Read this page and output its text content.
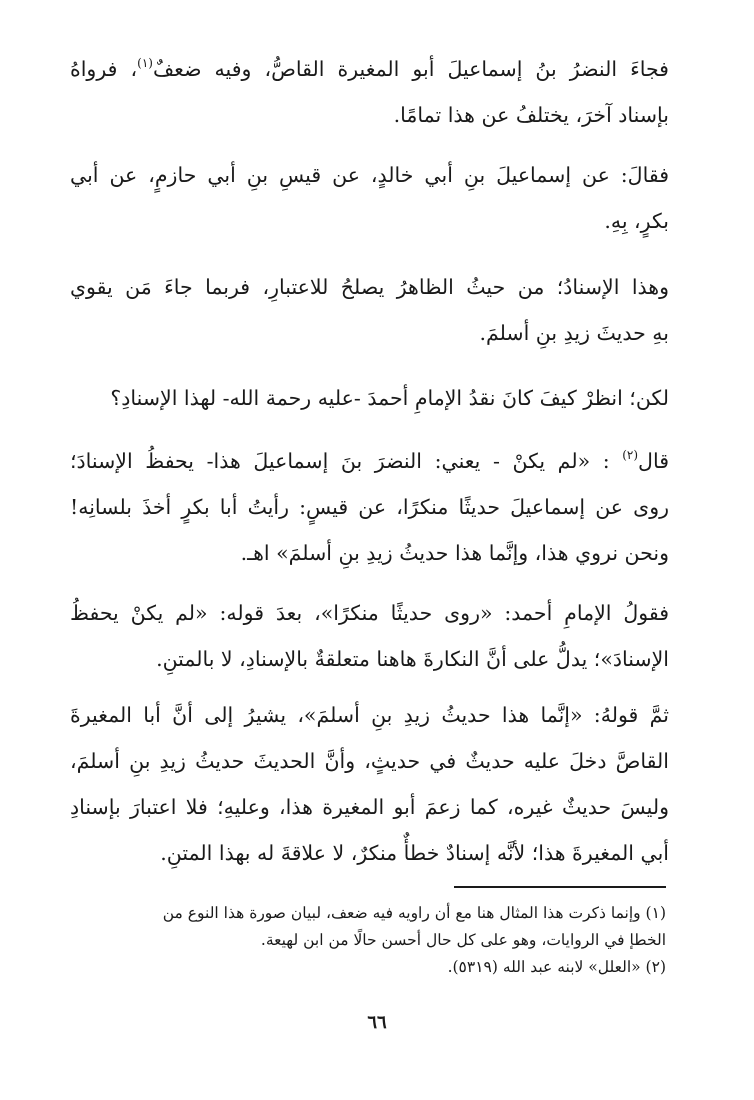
فجاءَ النضرُ بنُ إسماعيلَ أبو المغيرة القاصُّ، وفيه ضعفٌ$^{(١)}$، فرواهُ
بإسناد آخرَ، يختلفُ عن هذا تمامًا.

فقالَ: عن إسماعيلَ بنِ أبي خالدٍ، عن قيسِ بنِ أبي حازمٍ، عن أبي
بكرٍ، بِهِ.

وهذا الإسنادُ؛ من حيثُ الظاهرُ يصلحُ للاعتبارِ، فربما جاءَ مَن يقوي
بهِ حديثَ زيدِ بنِ أسلمَ.

لكن؛ انظرْ كيفَ كانَ نقدُ الإمامِ أحمدَ -عليه رحمة الله- لهذا الإسنادِ؟

قال$^{(٢)}$ : «لم يكنْ - يعني: النضرَ بنَ إسماعيلَ هذا- يحفظُ الإسنادَ؛
روى عن إسماعيلَ حديثًا منكرًا، عن قيسٍ: رأيتُ أبا بكرٍ أخذَ بلسانِه!
ونحن نروي هذا، وإنَّما هذا حديثُ زيدِ بنِ أسلمَ» اهـ.

فقولُ الإمامِ أحمد: «روى حديثًا منكرًا»، بعدَ قوله: «لم يكنْ يحفظُ
الإسنادَ»؛ يدلُّ على أنَّ النكارةَ هاهنا متعلقةٌ بالإسنادِ، لا بالمتنِ.

ثمَّ قولهُ: «إنَّما هذا حديثُ زيدِ بنِ أسلمَ»، يشيرُ إلى أنَّ أبا المغيرةَ
القاصَّ دخلَ عليه حديثٌ في حديثٍ، وأنَّ الحديثَ حديثُ زيدِ بنِ أسلمَ،
وليسَ حديثٌ غيره، كما زعمَ أبو المغيرة هذا، وعليهِ؛ فلا اعتبارَ بإسنادِ
أبي المغيرةَ هذا؛ لأنَّه إسنادٌ خطأٌ منكرٌ، لا علاقةَ له بهذا المتنِ.

(١) وإنما ذكرت هذا المثال هنا مع أن راويه فيه ضعف، لبيان صورة هذا النوع من
الخطإ في الروايات، وهو على كل حال أحسن حالًا من ابن لهيعة.
(٢) «العلل» لابنه عبد الله (٥٣١٩).
٦٦
